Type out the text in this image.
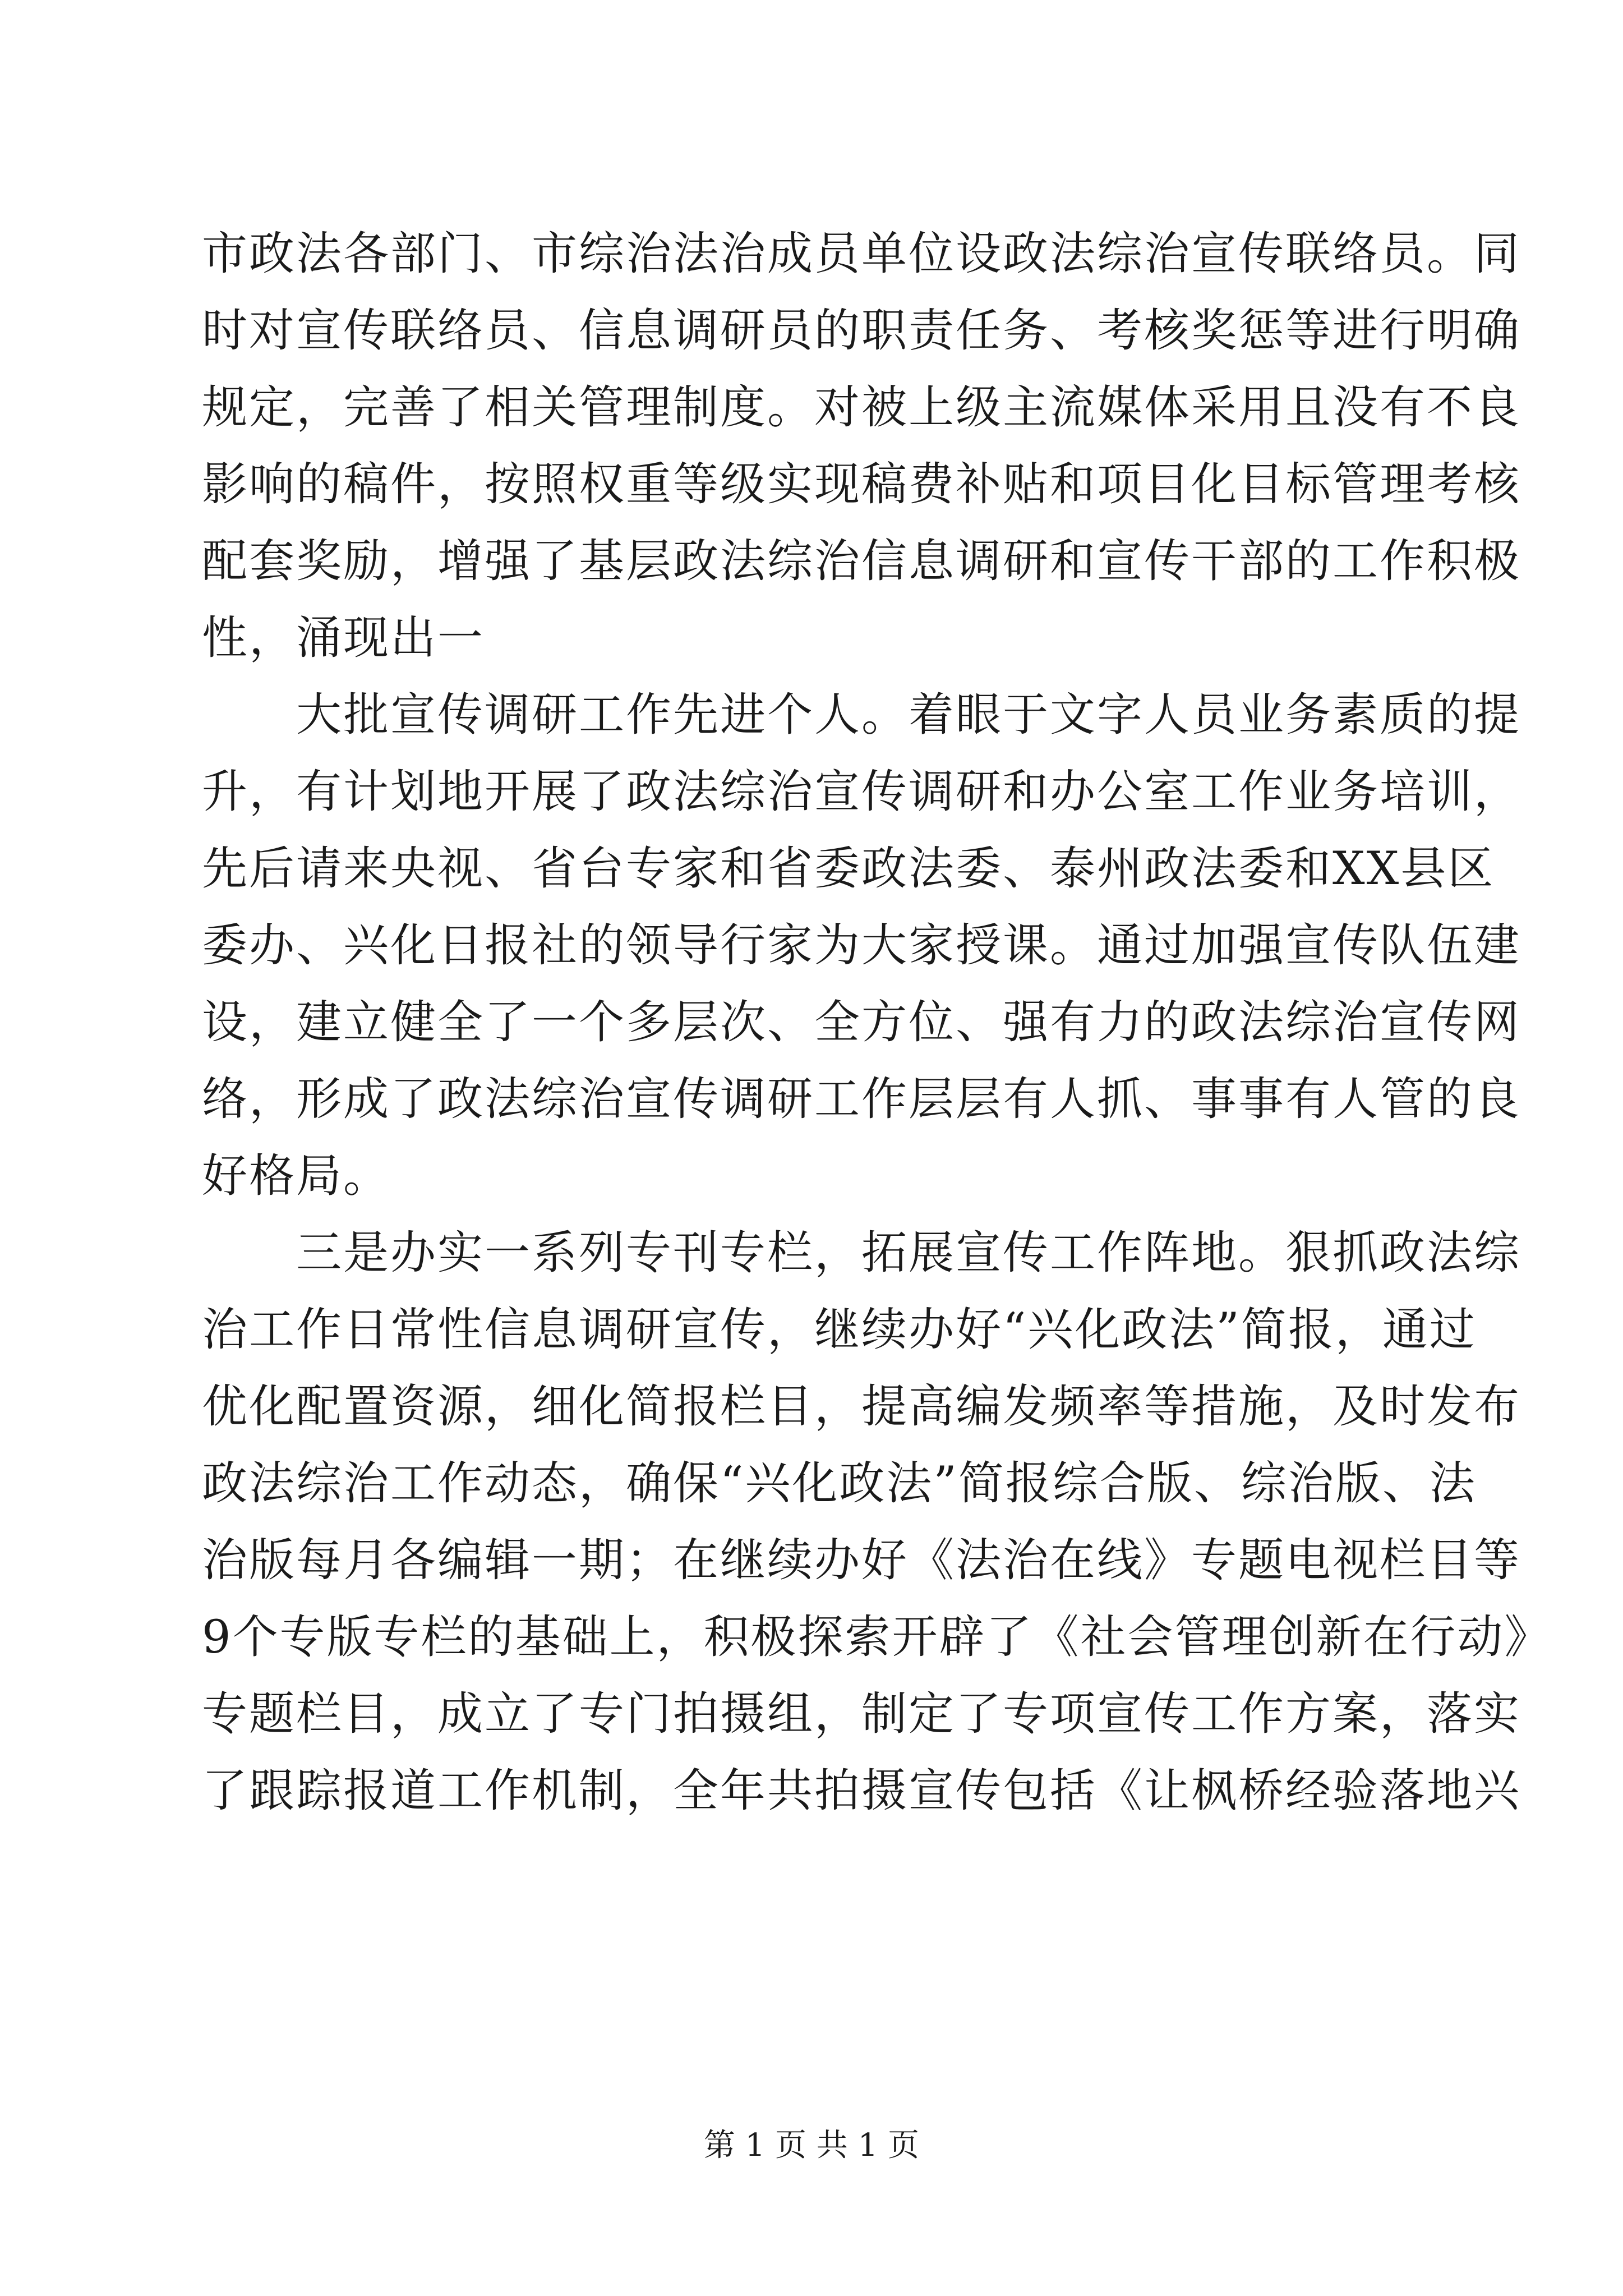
市政法各部门、市综治法治成员单位设政法综治宣传联络员。同
时对宣传联络员、信息调研员的职责任务、考核奖惩等进行明确
规定，完善了相关管理制度。对被上级主流媒体采用且没有不良
影响的稿件，按照权重等级实现稿费补贴和项目化目标管理考核
配套奖励，增强了基层政法综治信息调研和宣传干部的工作积极
性，涌现出一
大批宣传调研工作先进个人。着眼于文字人员业务素质的提
升，有计划地开展了政法综治宣传调研和办公室工作业务培训，
先后请来央视、省台专家和省委政法委、泰州政法委和XX县区
委办、兴化日报社的领导行家为大家授课。通过加强宣传队伍建
设，建立健全了一个多层次、全方位、强有力的政法综治宣传网
络，形成了政法综治宣传调研工作层层有人抓、事事有人管的良
好格局。
三是办实一系列专刊专栏，拓展宣传工作阵地。狠抓政法综
治工作日常性信息调研宣传，继续办好“兴化政法”简报，通过
优化配置资源，细化简报栏目，提高编发频率等措施，及时发布
政法综治工作动态，确保“兴化政法”简报综合版、综治版、法
治版每月各编辑一期；在继续办好《法治在线》专题电视栏目等
9个专版专栏的基础上，积极探索开辟了《社会管理创新在行动》
专题栏目，成立了专门拍摄组，制定了专项宣传工作方案，落实
了跟踪报道工作机制，全年共拍摄宣传包括《让枫桥经验落地兴
第 1 页 共 1 页
